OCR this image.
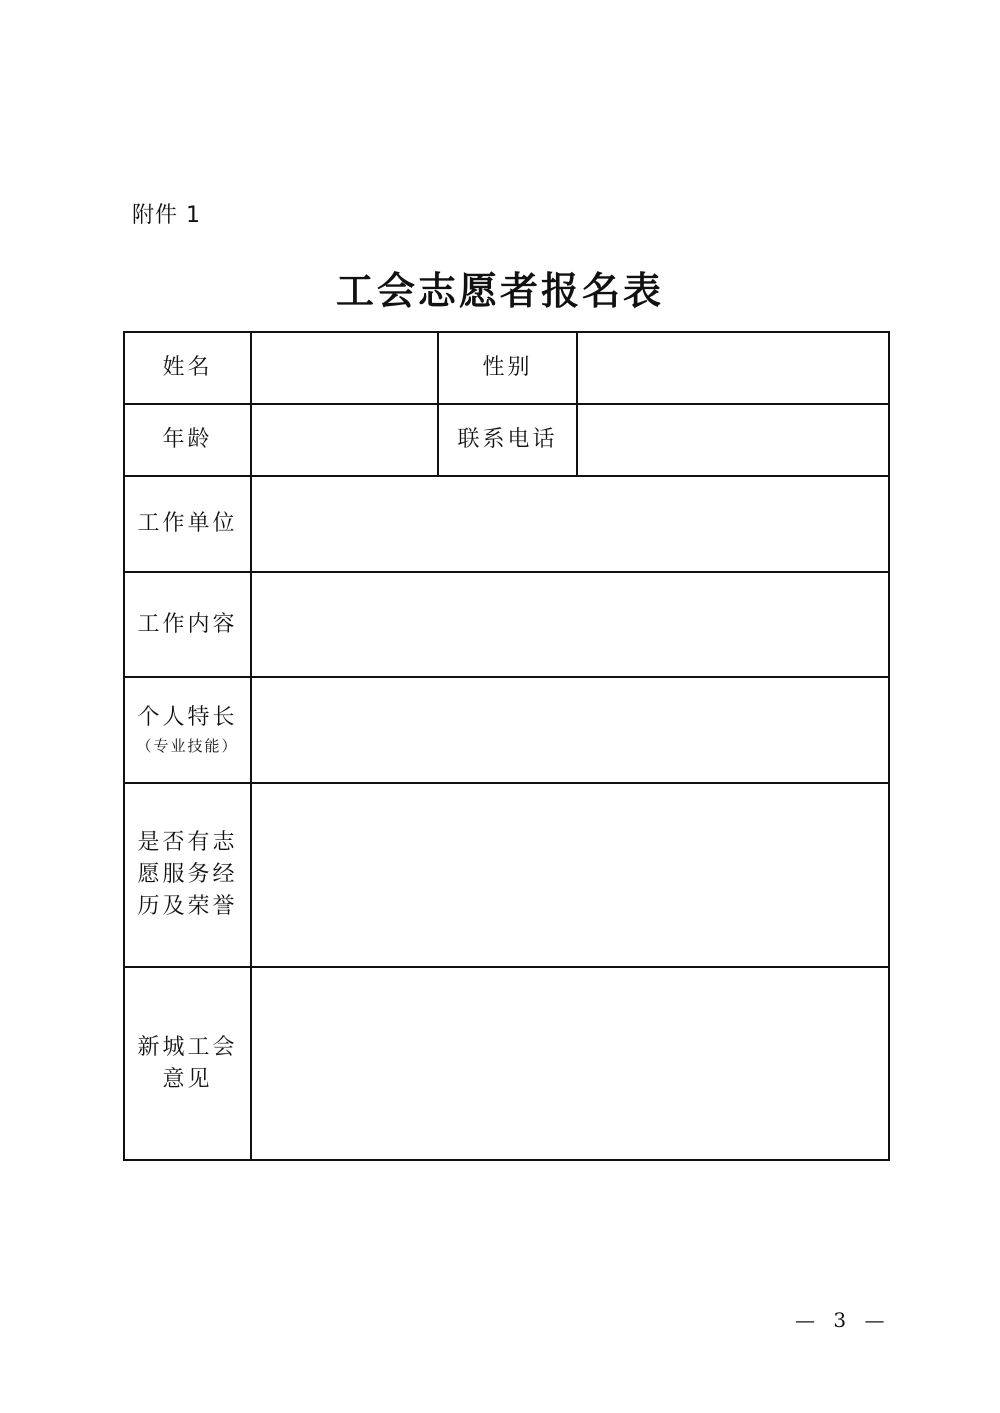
附件 1
工会志愿者报名表
姓名		性别	
年龄		联系电话	
工作单位			
工作内容			

个人特长
（专业技能）			

是否有志愿服务经历及荣誉			
新城工会意见			
— 3 —
